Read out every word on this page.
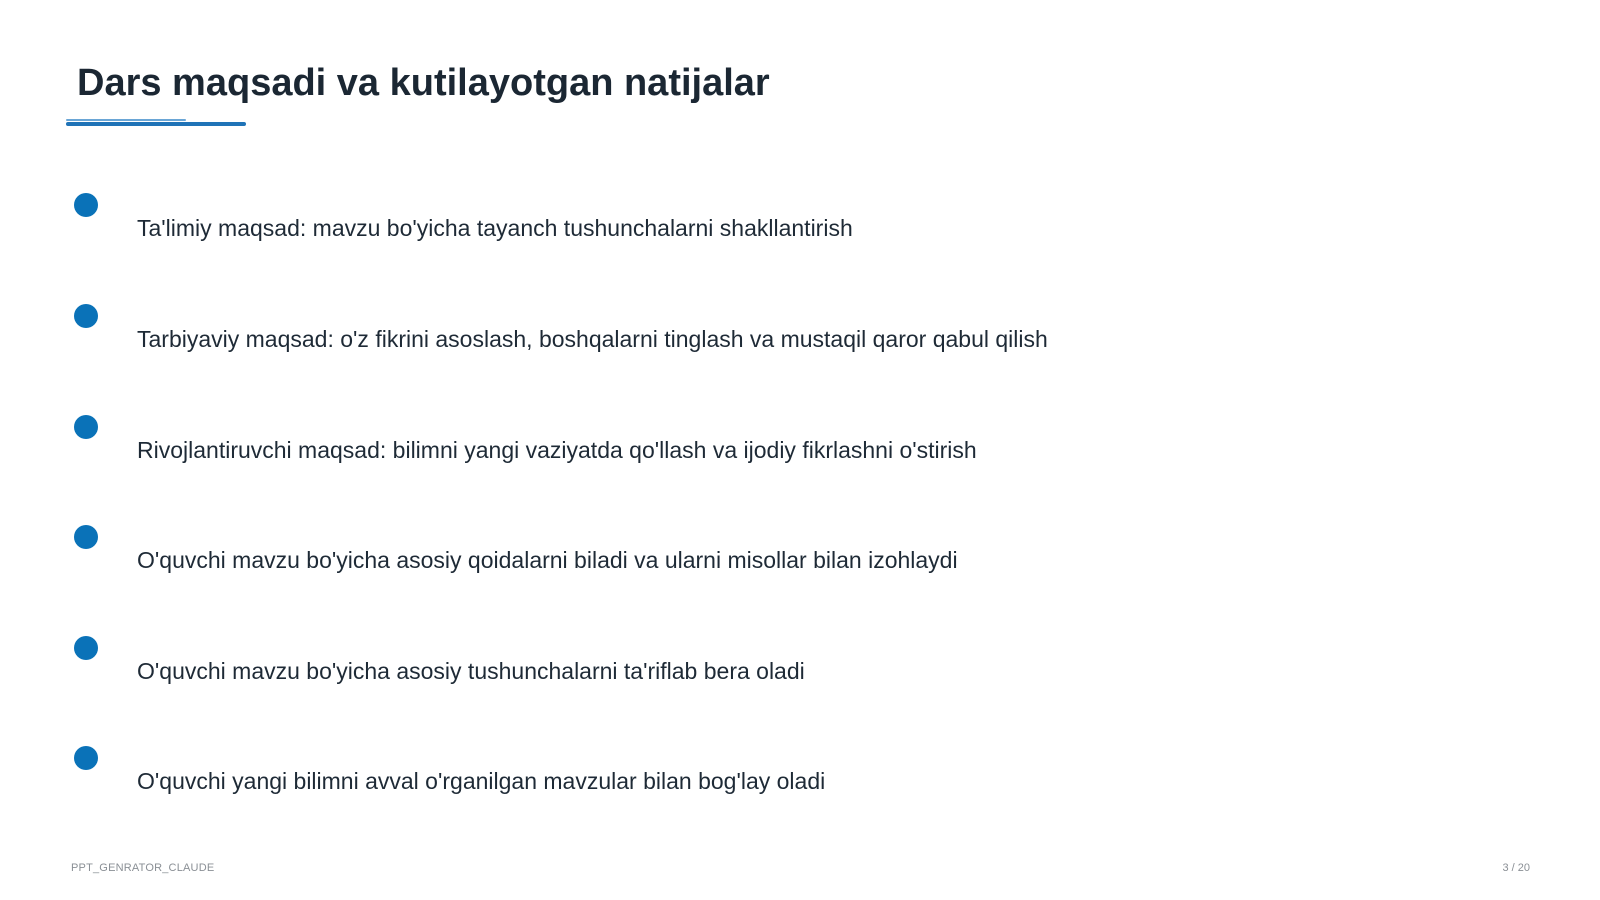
Dars maqsadi va kutilayotgan natijalar
Ta'limiy maqsad: mavzu bo'yicha tayanch tushunchalarni shakllantirish
Tarbiyaviy maqsad: o'z fikrini asoslash, boshqalarni tinglash va mustaqil qaror qabul qilish
Rivojlantiruvchi maqsad: bilimni yangi vaziyatda qo'llash va ijodiy fikrlashni o'stirish
O'quvchi mavzu bo'yicha asosiy qoidalarni biladi va ularni misollar bilan izohlaydi
O'quvchi mavzu bo'yicha asosiy tushunchalarni ta'riflab bera oladi
O'quvchi yangi bilimni avval o'rganilgan mavzular bilan bog'lay oladi
PPT_GENRATOR_CLAUDE	3 / 20
